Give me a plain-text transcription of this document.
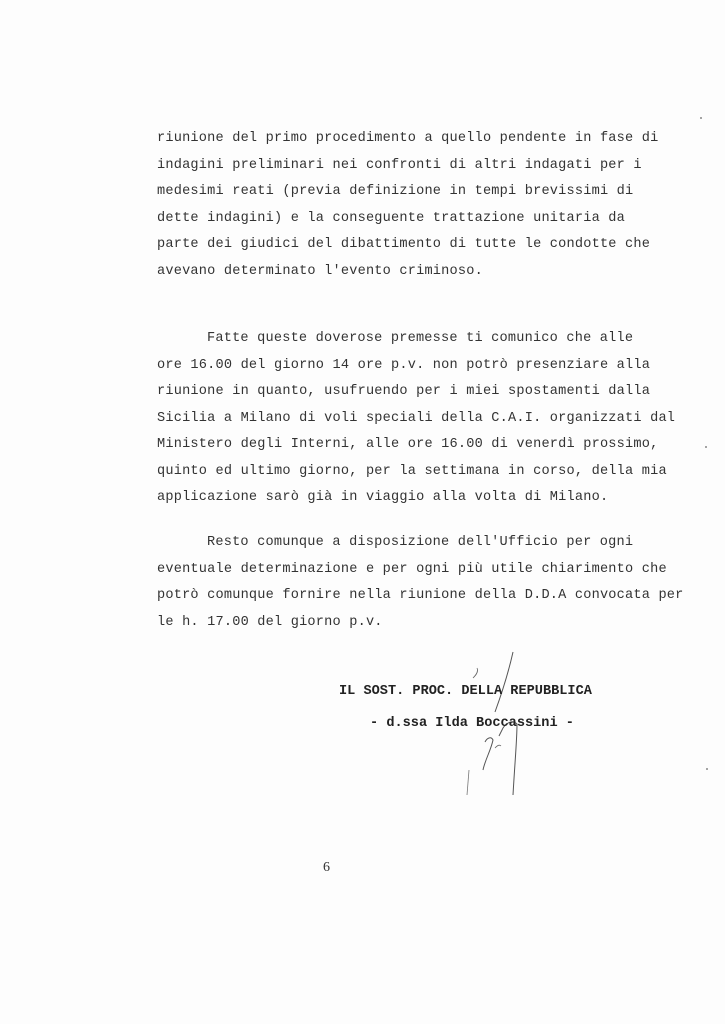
riunione del primo procedimento a quello pendente in fase di
indagini preliminari nei confronti di altri indagati per i
medesimi reati (previa definizione in tempi brevissimi di
dette indagini) e la conseguente trattazione unitaria da
parte dei giudici del dibattimento di tutte le condotte che
avevano determinato l'evento criminoso.
Fatte queste doverose premesse ti comunico che alle
ore 16.00 del giorno 14 ore p.v. non potrò presenziare alla
riunione in quanto, usufruendo per i miei spostamenti dalla
Sicilia a Milano di voli speciali della C.A.I. organizzati dal
Ministero degli Interni, alle ore 16.00 di venerdì prossimo,
quinto ed ultimo giorno, per la settimana in corso, della mia
applicazione sarò già in viaggio alla volta di Milano.
Resto comunque a disposizione dell'Ufficio per ogni
eventuale determinazione e per ogni più utile chiarimento che
potrò comunque fornire nella riunione della D.D.A convocata per
le h. 17.00 del giorno p.v.
IL SOST. PROC. DELLA REPUBBLICA
- d.ssa Ilda Boccassini -
6
